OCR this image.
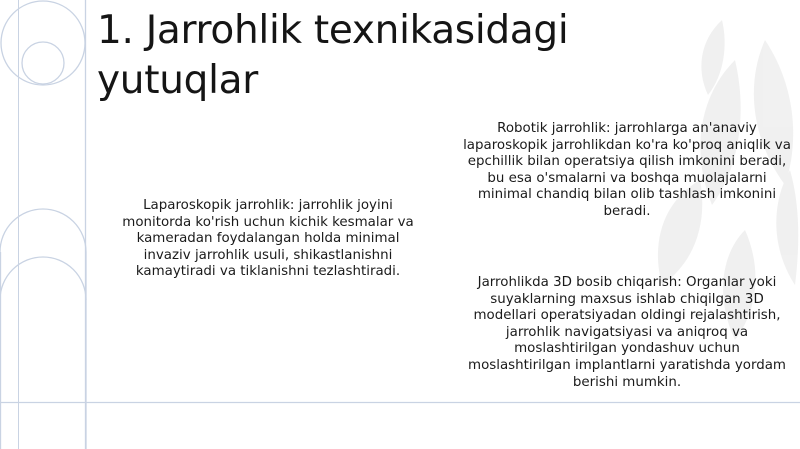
1. Jarrohlik texnikasidagi yutuqlar

Laparoskopik jarrohlik: jarrohlik joyini monitorda ko'rish uchun kichik kesmalar va kameradan foydalangan holda minimal invaziv jarrohlik usuli, shikastlanishni kamaytiradi va tiklanishni tezlashtiradi.

Robotik jarrohlik: jarrohlarga an'anaviy laparoskopik jarrohlikdan ko'ra ko'proq aniqlik va epchillik bilan operatsiya qilish imkonini beradi, bu esa o'smalarni va boshqa muolajalarni minimal chandiq bilan olib tashlash imkonini beradi.

Jarrohlikda 3D bosib chiqarish: Organlar yoki suyaklarning maxsus ishlab chiqilgan 3D modellari operatsiyadan oldingi rejalashtirish, jarrohlik navigatsiyasi va aniqroq va moslashtirilgan yondashuv uchun moslashtirilgan implantlarni yaratishda yordam berishi mumkin.
